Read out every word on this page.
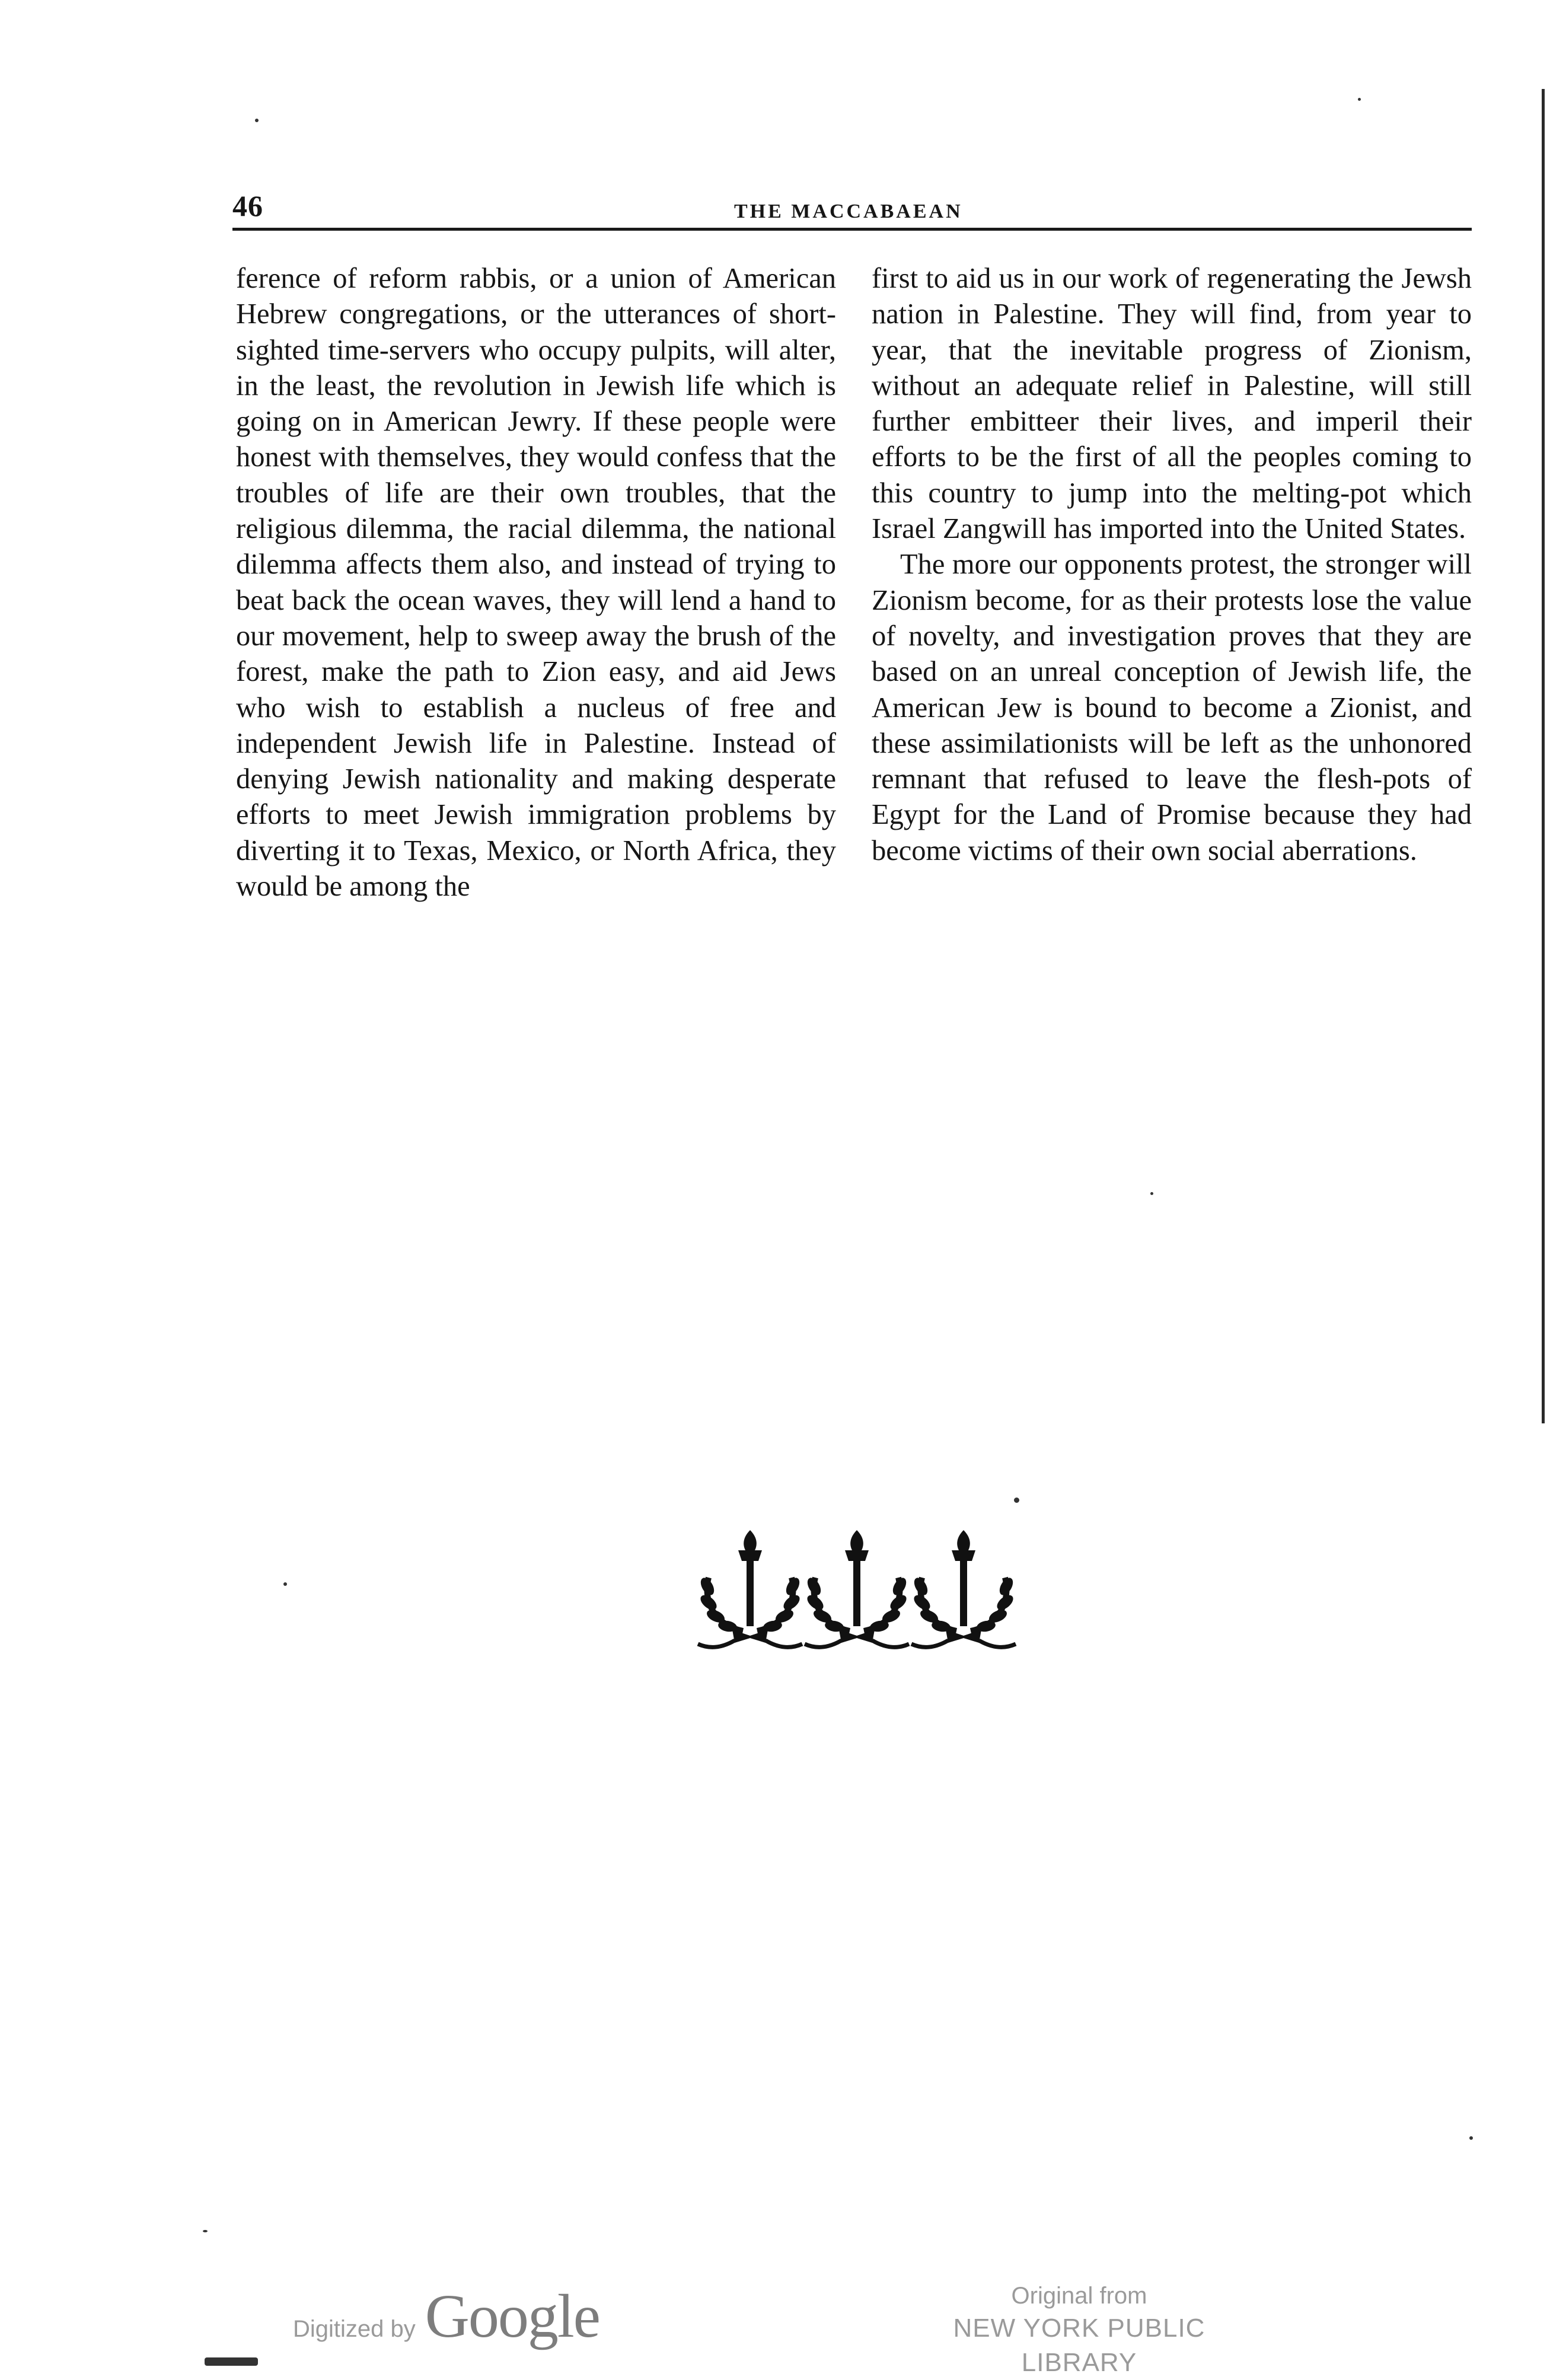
46	THE MACCABAEAN

ference of reform rabbis, or a union of American Hebrew congregations, or the utterances of short-sighted time-servers who occupy pulpits, will alter, in the least, the revolution in Jewish life which is going on in American Jewry. If these people were honest with themselves, they would confess that the troubles of life are their own troubles, that the religious dilemma, the racial dilemma, the national dilemma affects them also, and instead of trying to beat back the ocean waves, they will lend a hand to our movement, help to sweep away the brush of the forest, make the path to Zion easy, and aid Jews who wish to establish a nucleus of free and independent Jewish life in Palestine. Instead of denying Jewish nationality and making desperate efforts to meet Jewish immigration problems by diverting it to Texas, Mexico, or North Africa, they would be among the

first to aid us in our work of regenerating the Jewsh nation in Palestine. They will find, from year to year, that the inevitable progress of Zionism, without an adequate relief in Palestine, will still further embitteer their lives, and imperil their efforts to be the first of all the peoples coming to this country to jump into the melting-pot which Israel Zangwill has imported into the United States.

The more our opponents protest, the stronger will Zionism become, for as their protests lose the value of novelty, and investigation proves that they are based on an unreal conception of Jewish life, the American Jew is bound to become a Zionist, and these assimilationists will be left as the unhonored remnant that refused to leave the flesh-pots of Egypt for the Land of Promise because they had become victims of their own social aberrations.

Digitized by Google	Original from
NEW YORK PUBLIC LIBRARY
